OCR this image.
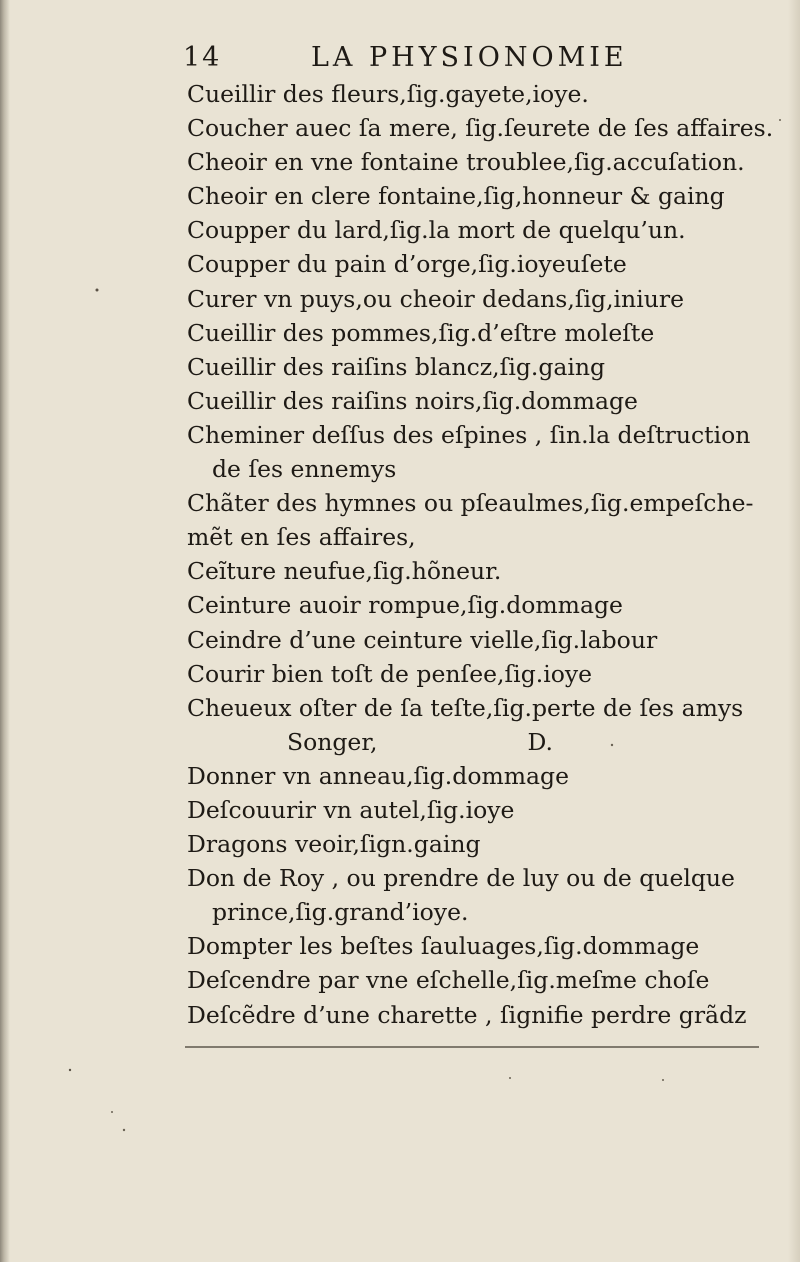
14	LA PHYSIONOMIE
Cueillir des fleurs,ſig.gayete,ioye.
Coucher auec ſa mere, ſig.ſeurete de ſes affaires.
Cheoir en vne fontaine troublee,ſig.accuſation.
Cheoir en clere fontaine,ſig,honneur & gaing
Coupper du lard,ſig.la mort de quelqu’un.
Coupper du pain d’orge,ſig.ioyeuſete
Curer vn puys,ou cheoir dedans,ſig,iniure
Cueillir des pommes,ſig.d’eſtre moleſte
Cueillir des raiſins blancz,ſig.gaing
Cueillir des raiſins noirs,ſig.dommage
Cheminer deſſus des eſpines , ſin.la deſtruction
de ſes ennemys
Chãter des hymnes ou pſeaulmes,ſig.empeſche-
mẽt en ſes affaires,
Ceĩture neufue,ſig.hõneur.
Ceinture auoir rompue,ſig.dommage
Ceindre d’une ceinture vielle,ſig.labour
Courir bien toſt de penſee,ſig.ioye
Cheueux oſter de ſa teſte,ſig.perte de ſes amys
Songer,	D.
Donner vn anneau,ſig.dommage
Deſcouurir vn autel,ſig.ioye
Dragons veoir,ſign.gaing
Don de Roy , ou prendre de luy ou de quelque
prince,ſig.grand’ioye.
Dompter les beſtes ſauluages,ſig.dommage
Deſcendre par vne eſchelle,ſig.meſme choſe
Deſcẽdre d’une charette , ſignifie perdre grãdz
